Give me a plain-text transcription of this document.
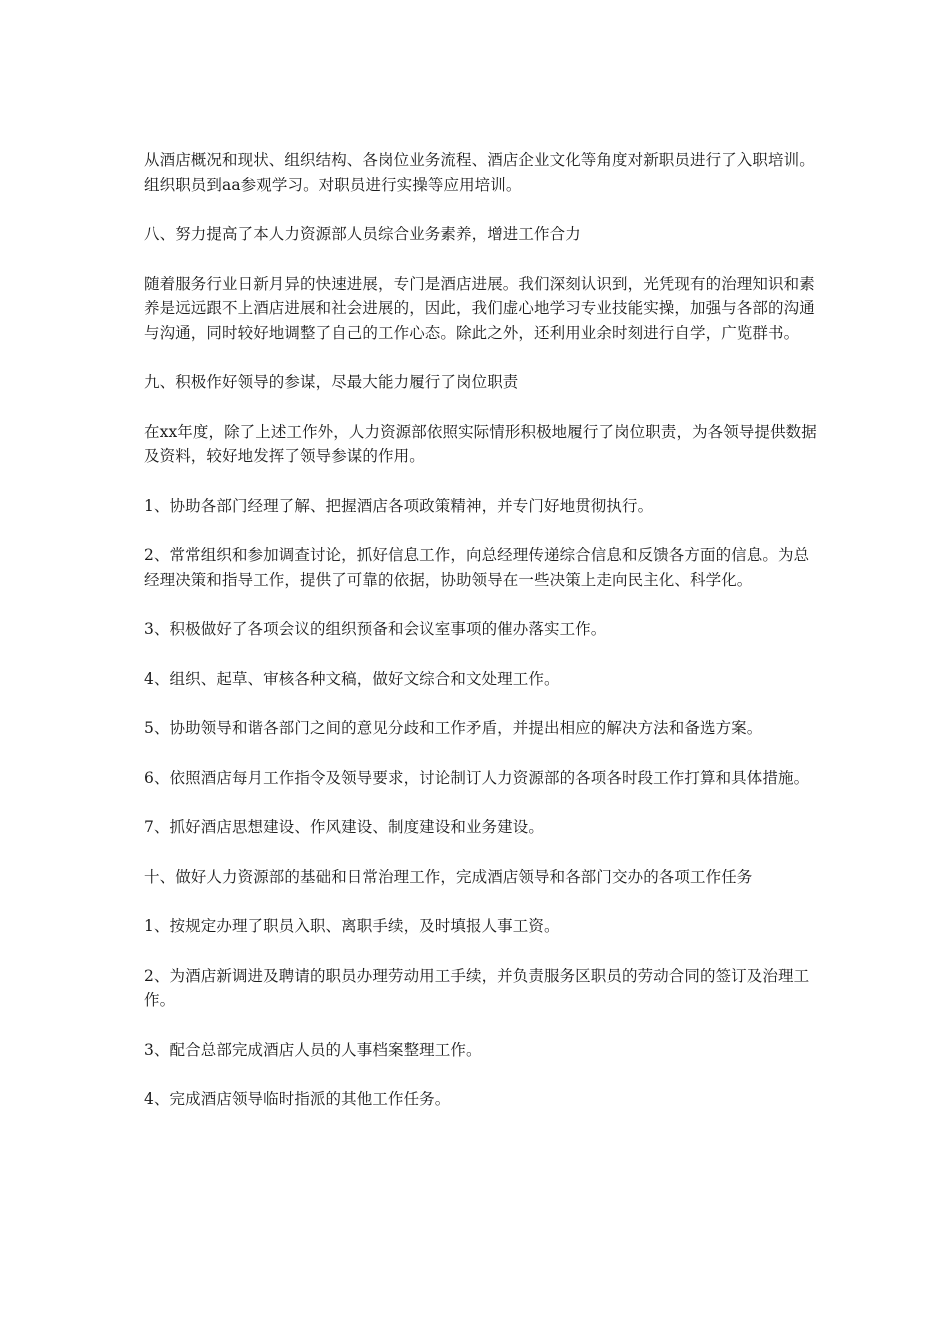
从酒店概况和现状、组织结构、各岗位业务流程、酒店企业文化等角度对新职员进行了入职培训。组织职员到aa参观学习。对职员进行实操等应用培训。

八、努力提高了本人力资源部人员综合业务素养，增进工作合力

随着服务行业日新月异的快速进展，专门是酒店进展。我们深刻认识到，光凭现有的治理知识和素养是远远跟不上酒店进展和社会进展的，因此，我们虚心地学习专业技能实操，加强与各部的沟通与沟通，同时较好地调整了自己的工作心态。除此之外，还利用业余时刻进行自学，广览群书。

九、积极作好领导的参谋，尽最大能力履行了岗位职责

在xx年度，除了上述工作外，人力资源部依照实际情形积极地履行了岗位职责，为各领导提供数据及资料，较好地发挥了领导参谋的作用。

1、协助各部门经理了解、把握酒店各项政策精神，并专门好地贯彻执行。

2、常常组织和参加调查讨论，抓好信息工作，向总经理传递综合信息和反馈各方面的信息。为总经理决策和指导工作，提供了可靠的依据，协助领导在一些决策上走向民主化、科学化。

3、积极做好了各项会议的组织预备和会议室事项的催办落实工作。

4、组织、起草、审核各种文稿，做好文综合和文处理工作。

5、协助领导和谐各部门之间的意见分歧和工作矛盾，并提出相应的解决方法和备选方案。

6、依照酒店每月工作指令及领导要求，讨论制订人力资源部的各项各时段工作打算和具体措施。

7、抓好酒店思想建设、作风建设、制度建设和业务建设。

十、做好人力资源部的基础和日常治理工作，完成酒店领导和各部门交办的各项工作任务

1、按规定办理了职员入职、离职手续，及时填报人事工资。

2、为酒店新调进及聘请的职员办理劳动用工手续，并负责服务区职员的劳动合同的签订及治理工作。

3、配合总部完成酒店人员的人事档案整理工作。

4、完成酒店领导临时指派的其他工作任务。
